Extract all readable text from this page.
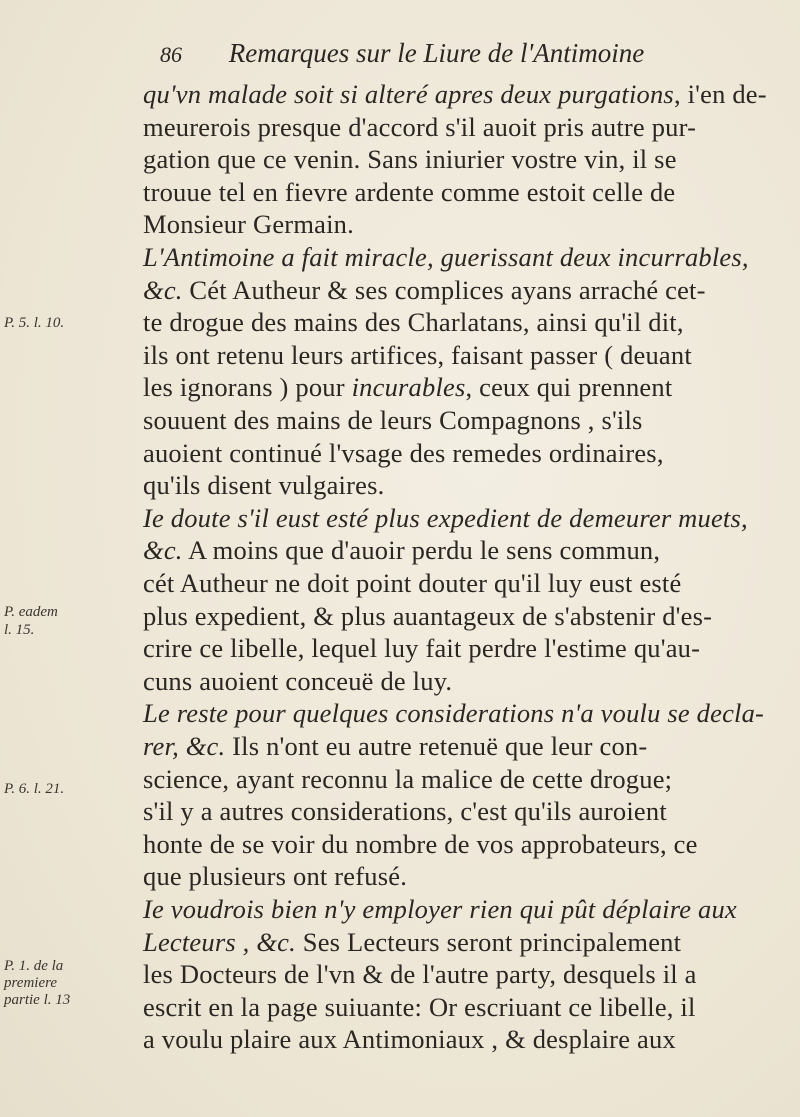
86 Remarques sur le Liure de l'Antimoine
qu'vn malade soit si alteré apres deux purgations, i'en de-
meurerois presque d'accord s'il auoit pris autre pur-
gation que ce venin. Sans iniurier vostre vin, il se
trouue tel en fievre ardente comme estoit celle de
Monsieur Germain.
L'Antimoine a fait miracle, guerissant deux incurrables,
&c. Cét Autheur & ses complices ayans arraché cet-
te drogue des mains des Charlatans, ainsi qu'il dit,
ils ont retenu leurs artifices, faisant passer ( deuant
les ignorans ) pour incurables, ceux qui prennent
souuent des mains de leurs Compagnons , s'ils
auoient continué l'vsage des remedes ordinaires,
qu'ils disent vulgaires.
Ie doute s'il eust esté plus expedient de demeurer muets,
&c. A moins que d'auoir perdu le sens commun,
cét Autheur ne doit point douter qu'il luy eust esté
plus expedient, & plus auantageux de s'abstenir d'es-
crire ce libelle, lequel luy fait perdre l'estime qu'au-
cuns auoient conceuë de luy.
Le reste pour quelques considerations n'a voulu se decla-
rer, &c. Ils n'ont eu autre retenuë que leur con-
science, ayant reconnu la malice de cette drogue;
s'il y a autres considerations, c'est qu'ils auroient
honte de se voir du nombre de vos approbateurs, ce
que plusieurs ont refusé.
Ie voudrois bien n'y employer rien qui pût déplaire aux
Lecteurs , &c. Ses Lecteurs seront principalement
les Docteurs de l'vn & de l'autre party, desquels il a
escrit en la page suiuante: Or escriuant ce libelle, il
a voulu plaire aux Antimoniaux , & desplaire aux
P. 5. l. 10.
P. eadem
l. 15.
P. 6. l. 21.
P. 1. de la
premiere
partie l. 13
